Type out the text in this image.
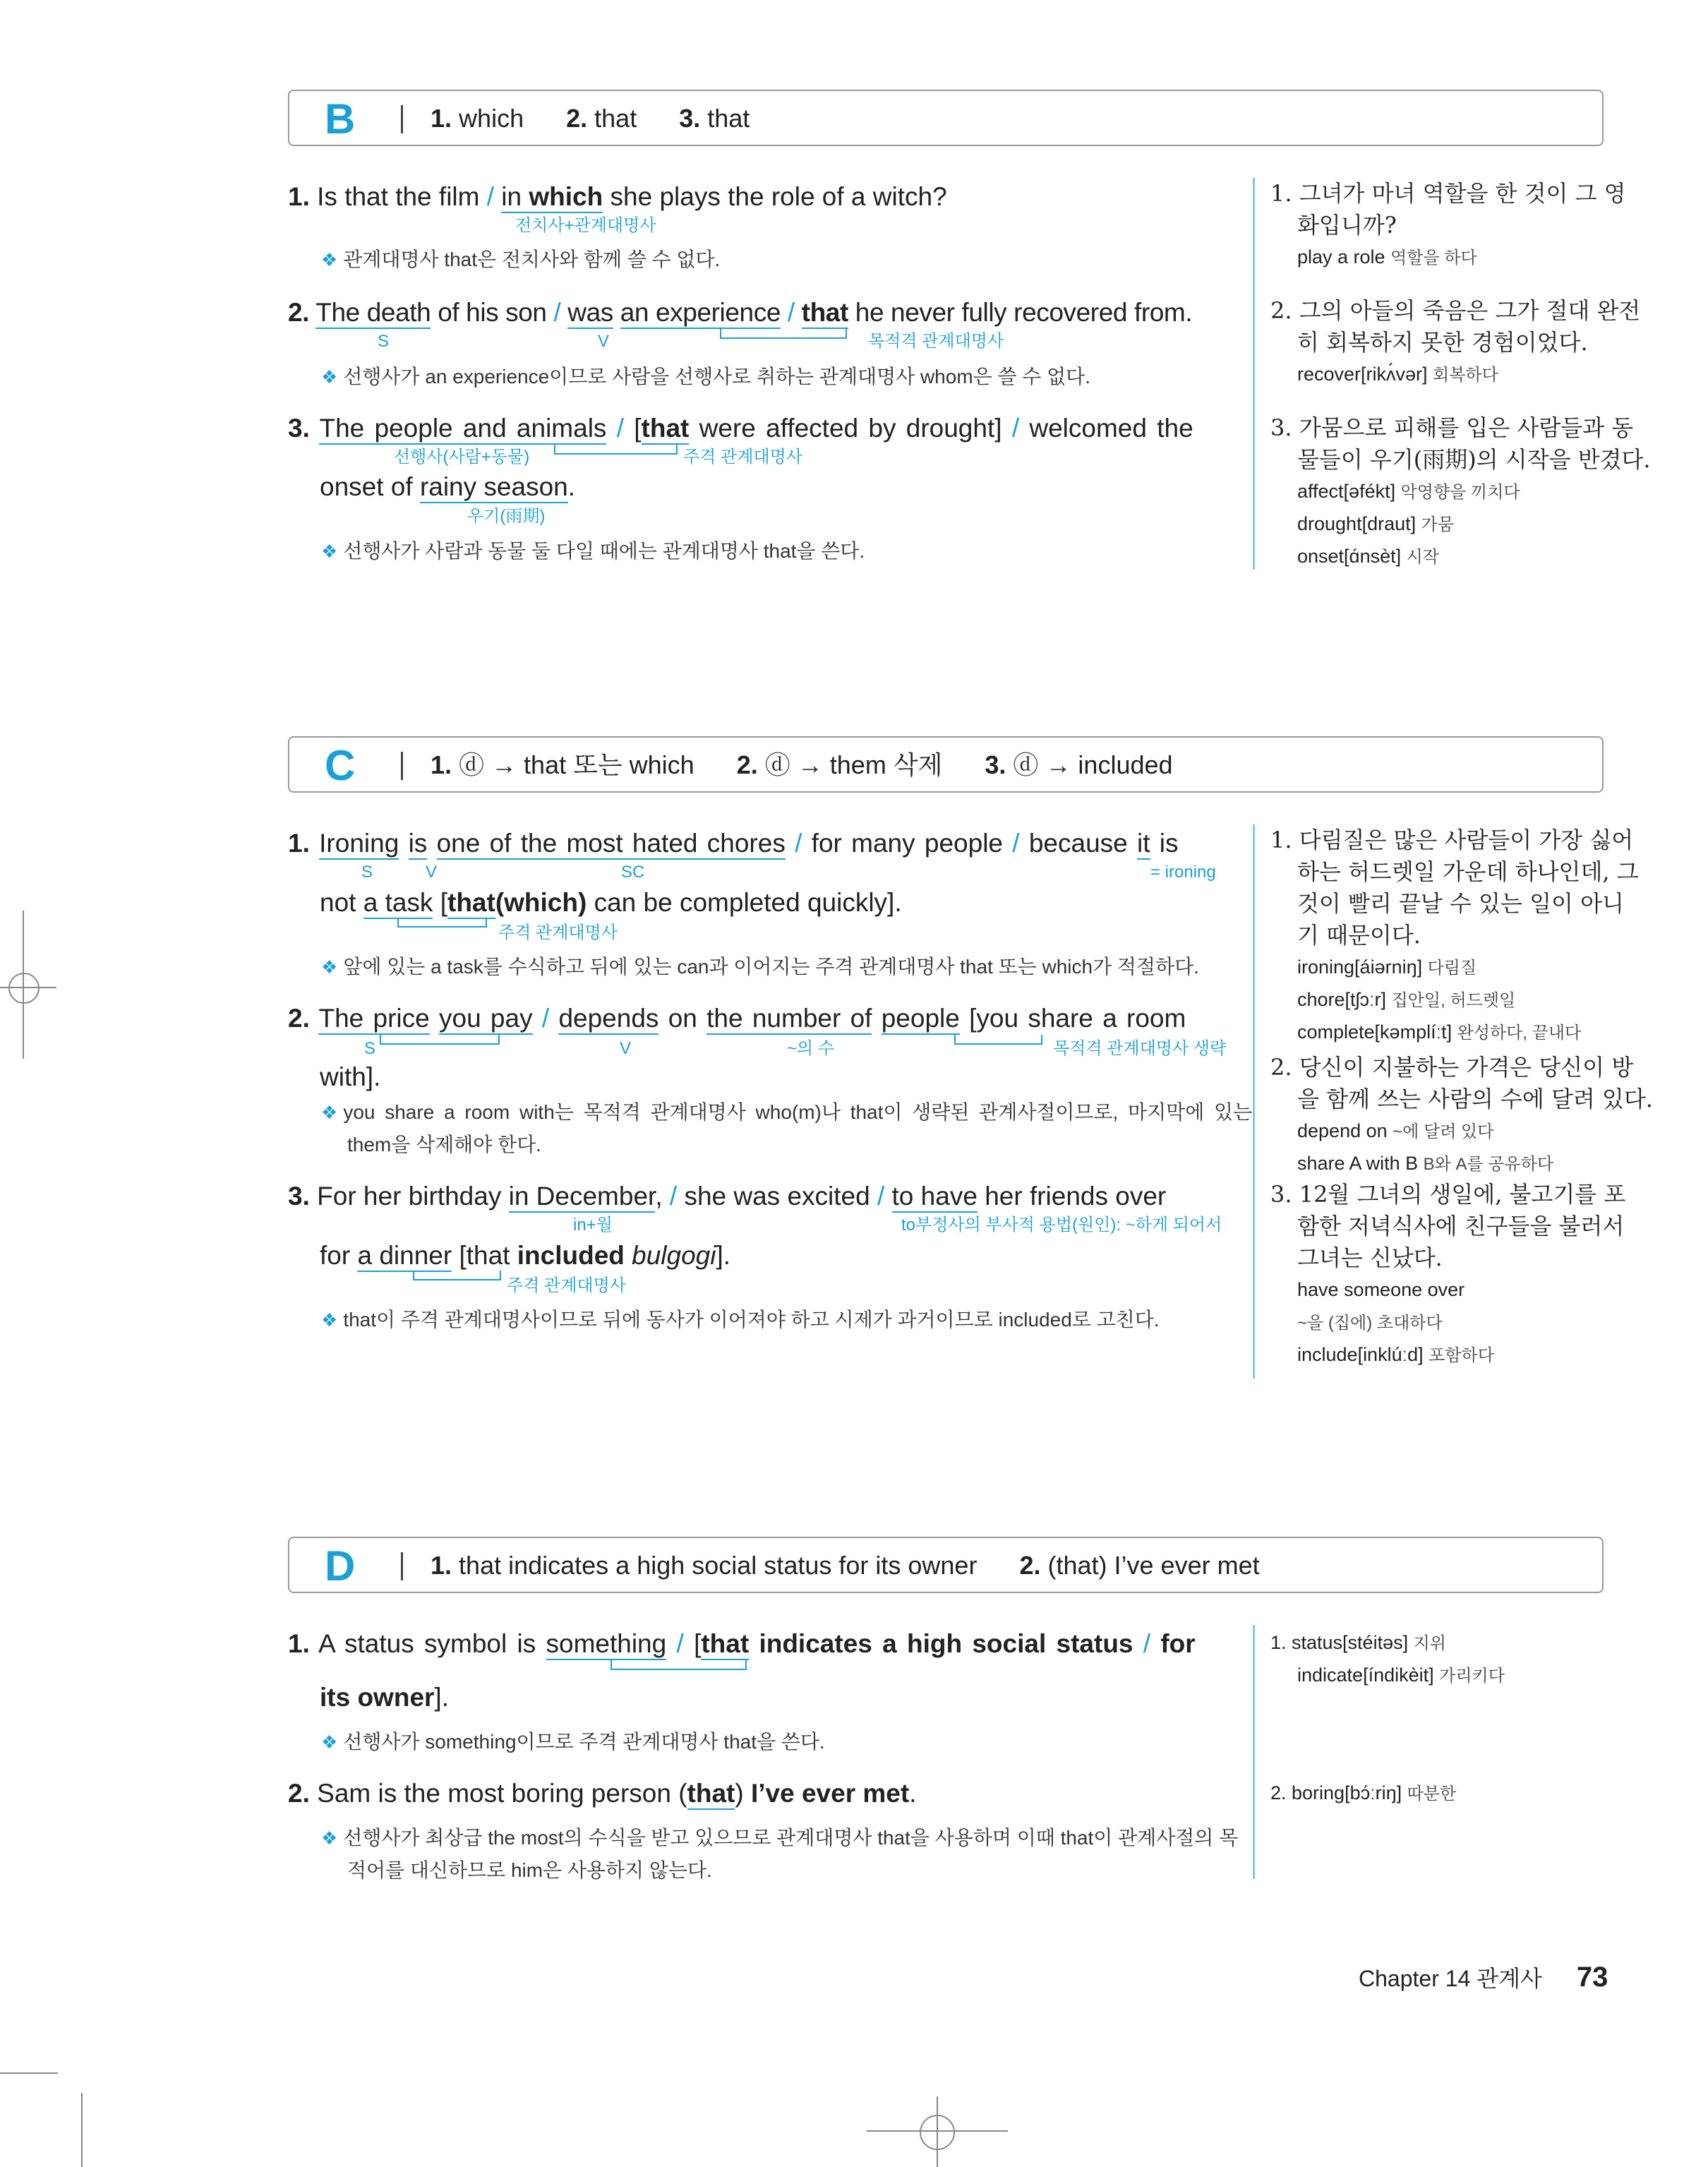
B	1. which 2. that 3. that
1. Is that the film / in which she plays the role of a witch?
전치사+관계대명사
❖ 관계대명사 that은 전치사와 함께 쓸 수 없다.
2. The death of his son / was an experience / that he never fully recovered from.
S	V	목적격 관계대명사
❖ 선행사가 an experience이므로 사람을 선행사로 취하는 관계대명사 whom은 쓸 수 없다.
3. The people and animals / [that were affected by drought] / welcomed the
선행사(사람+동물)	주격 관계대명사
onset of rainy season.
우기(雨期)
❖ 선행사가 사람과 동물 둘 다일 때에는 관계대명사 that을 쓴다.
1. 그녀가 마녀 역할을 한 것이 그 영
화입니까?
play a role 역할을 하다
2. 그의 아들의 죽음은 그가 절대 완전
히 회복하지 못한 경험이었다.
recover[rikʌ́vər] 회복하다
3. 가뭄으로 피해를 입은 사람들과 동
물들이 우기(雨期)의 시작을 반겼다.
affect[əfékt] 악영향을 끼치다
drought[draut] 가뭄
onset[ɑ́nsèt] 시작
C	1. ⓓ → that 또는 which 2. ⓓ → them 삭제 3. ⓓ → included
1. Ironing is one of the most hated chores / for many people / because it is
S	V	SC	= ironing
not a task [that(which) can be completed quickly].
주격 관계대명사
❖ 앞에 있는 a task를 수식하고 뒤에 있는 can과 이어지는 주격 관계대명사 that 또는 which가 적절하다.
2. The price you pay / depends on the number of people [you share a room
S	V	~의 수	목적격 관계대명사 생략
with].
❖ you share a room with는 목적격 관계대명사 who(m)나 that이 생략된 관계사절이므로, 마지막에 있는
them을 삭제해야 한다.
3. For her birthday in December, / she was excited / to have her friends over
in+월	to부정사의 부사적 용법(원인): ~하게 되어서
for a dinner [that included bulgogi].
주격 관계대명사
❖ that이 주격 관계대명사이므로 뒤에 동사가 이어져야 하고 시제가 과거이므로 included로 고친다.
1. 다림질은 많은 사람들이 가장 싫어
하는 허드렛일 가운데 하나인데, 그
것이 빨리 끝날 수 있는 일이 아니
기 때문이다.
ironing[áiərniŋ] 다림질
chore[tʃɔːr] 집안일, 허드렛일
complete[kəmplíːt] 완성하다, 끝내다
2. 당신이 지불하는 가격은 당신이 방
을 함께 쓰는 사람의 수에 달려 있다.
depend on ~에 달려 있다
share A with B B와 A를 공유하다
3. 12월 그녀의 생일에, 불고기를 포
함한 저녁식사에 친구들을 불러서
그녀는 신났다.
have someone over
~을 (집에) 초대하다
include[inklúːd] 포함하다
D	1. that indicates a high social status for its owner 2. (that) I’ve ever met
1. A status symbol is something / [that indicates a high social status / for
its owner].
❖ 선행사가 something이므로 주격 관계대명사 that을 쓴다.
2. Sam is the most boring person (that) I’ve ever met.
❖ 선행사가 최상급 the most의 수식을 받고 있으므로 관계대명사 that을 사용하며 이때 that이 관계사절의 목
적어를 대신하므로 him은 사용하지 않는다.
1. status[stéitəs] 지위
indicate[índikèit] 가리키다
2. boring[bɔ́ːriŋ] 따분한
Chapter 14 관계사 73
